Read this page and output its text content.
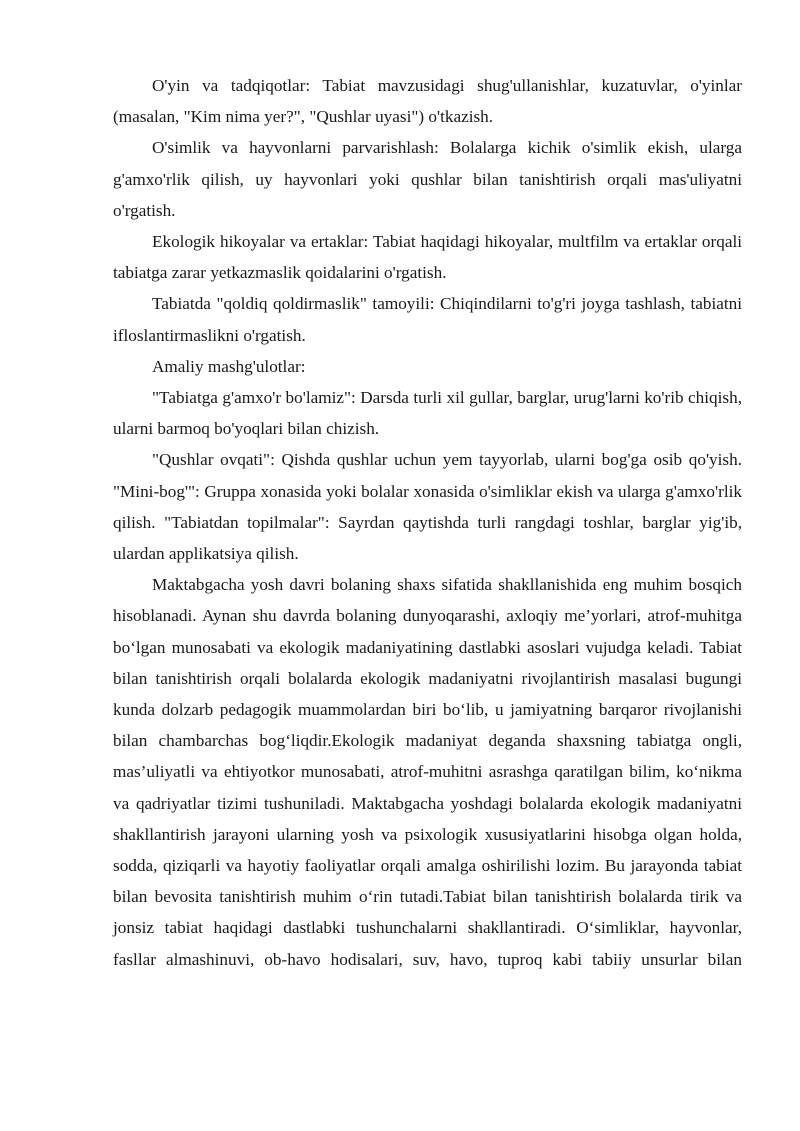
O'yin va tadqiqotlar: Tabiat mavzusidagi shug'ullanishlar, kuzatuvlar, o'yinlar (masalan, "Kim nima yer?", "Qushlar uyasi") o'tkazish.

O'simlik va hayvonlarni parvarishlash: Bolalarga kichik o'simlik ekish, ularga g'amxo'rlik qilish, uy hayvonlari yoki qushlar bilan tanishtirish orqali mas'uliyatni o'rgatish.

Ekologik hikoyalar va ertaklar: Tabiat haqidagi hikoyalar, multfilm va ertaklar orqali tabiatga zarar yetkazmaslik qoidalarini o'rgatish.

Tabiatda "qoldiq qoldirmaslik" tamoyili: Chiqindilarni to'g'ri joyga tashlash, tabiatni ifloslantirmaslikni o'rgatish.

Amaliy mashg'ulotlar:

"Tabiatga g'amxo'r bo'lamiz": Darsda turli xil gullar, barglar, urug'larni ko'rib chiqish, ularni barmoq bo'yoqlari bilan chizish.

"Qushlar ovqati": Qishda qushlar uchun yem tayyorlab, ularni bog'ga osib qo'yish. "Mini-bog'": Gruppa xonasida yoki bolalar xonasida o'simliklar ekish va ularga g'amxo'rlik qilish. "Tabiatdan topilmalar": Sayrdan qaytishda turli rangdagi toshlar, barglar yig'ib, ulardan applikatsiya qilish.

Maktabgacha yosh davri bolaning shaxs sifatida shakllanishida eng muhim bosqich hisoblanadi. Aynan shu davrda bolaning dunyoqarashi, axloqiy me’yorlari, atrof-muhitga bo‘lgan munosabati va ekologik madaniyatining dastlabki asoslari vujudga keladi. Tabiat bilan tanishtirish orqali bolalarda ekologik madaniyatni rivojlantirish masalasi bugungi kunda dolzarb pedagogik muammolardan biri bo‘lib, u jamiyatning barqaror rivojlanishi bilan chambarchas bog‘liqdir.Ekologik madaniyat deganda shaxsning tabiatga ongli, mas’uliyatli va ehtiyotkor munosabati, atrof-muhitni asrashga qaratilgan bilim, ko‘nikma va qadriyatlar tizimi tushuniladi. Maktabgacha yoshdagi bolalarda ekologik madaniyatni shakllantirish jarayoni ularning yosh va psixologik xususiyatlarini hisobga olgan holda, sodda, qiziqarli va hayotiy faoliyatlar orqali amalga oshirilishi lozim. Bu jarayonda tabiat bilan bevosita tanishtirish muhim o‘rin tutadi.Tabiat bilan tanishtirish bolalarda tirik va jonsiz tabiat haqidagi dastlabki tushunchalarni shakllantiradi. O‘simliklar, hayvonlar, fasllar almashinuvi, ob-havo hodisalari, suv, havo, tuproq kabi tabiiy unsurlar bilan
